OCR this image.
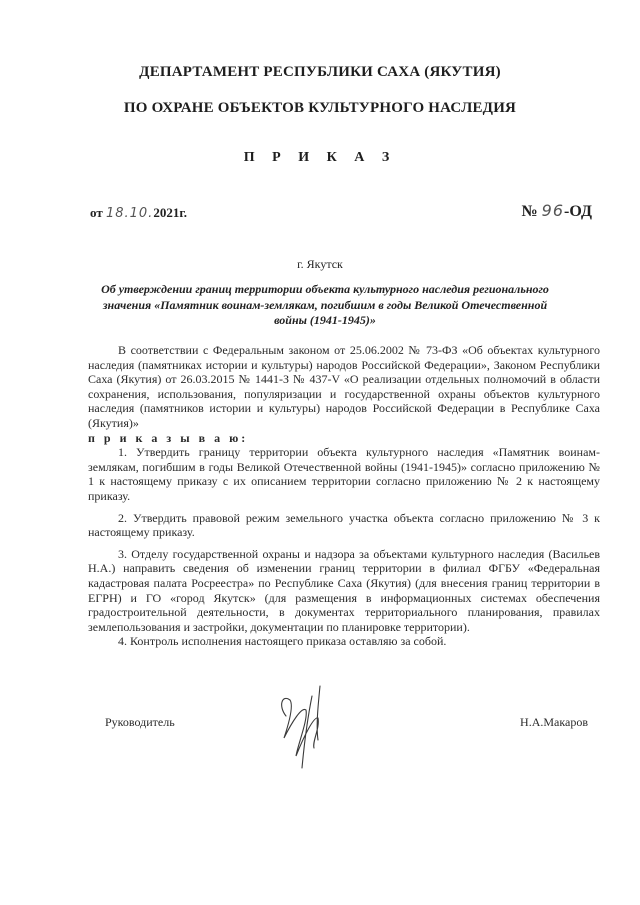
ДЕПАРТАМЕНТ РЕСПУБЛИКИ САХА (ЯКУТИЯ)
ПО ОХРАНЕ ОБЪЕКТОВ КУЛЬТУРНОГО НАСЛЕДИЯ
П Р И К А З
от 18.10.2021г.	№ 96-ОД
г. Якутск
Об утверждении границ территории объекта культурного наследия регионального значения «Памятник воинам-землякам, погибшим в годы Великой Отечественной войны (1941-1945)»

В соответствии с Федеральным законом от 25.06.2002 № 73-ФЗ «Об объектах культурного наследия (памятниках истории и культуры) народов Российской Федерации», Законом Республики Саха (Якутия) от 26.03.2015 № 1441-З № 437-V «О реализации отдельных полномочий в области сохранения, использования, популяризации и государственной охраны объектов культурного наследия (памятников истории и культуры) народов Российской Федерации в Республике Саха (Якутия)»

п р и к а з ы в а ю:

1. Утвердить границу территории объекта культурного наследия «Памятник воинам-землякам, погибшим в годы Великой Отечественной войны (1941-1945)» согласно приложению № 1 к настоящему приказу с их описанием территории согласно приложению № 2 к настоящему приказу.

2. Утвердить правовой режим земельного участка объекта согласно приложению № 3 к настоящему приказу.

3. Отделу государственной охраны и надзора за объектами культурного наследия (Васильев Н.А.) направить сведения об изменении границ территории в филиал ФГБУ «Федеральная кадастровая палата Росреестра» по Республике Саха (Якутия) (для внесения границ территории в ЕГРН) и ГО «город Якутск» (для размещения в информационных системах обеспечения градостроительной деятельности, в документах территориального планирования, правилах землепользования и застройки, документации по планировке территории).

4. Контроль исполнения настоящего приказа оставляю за собой.

Руководитель	Н.А.Макаров
